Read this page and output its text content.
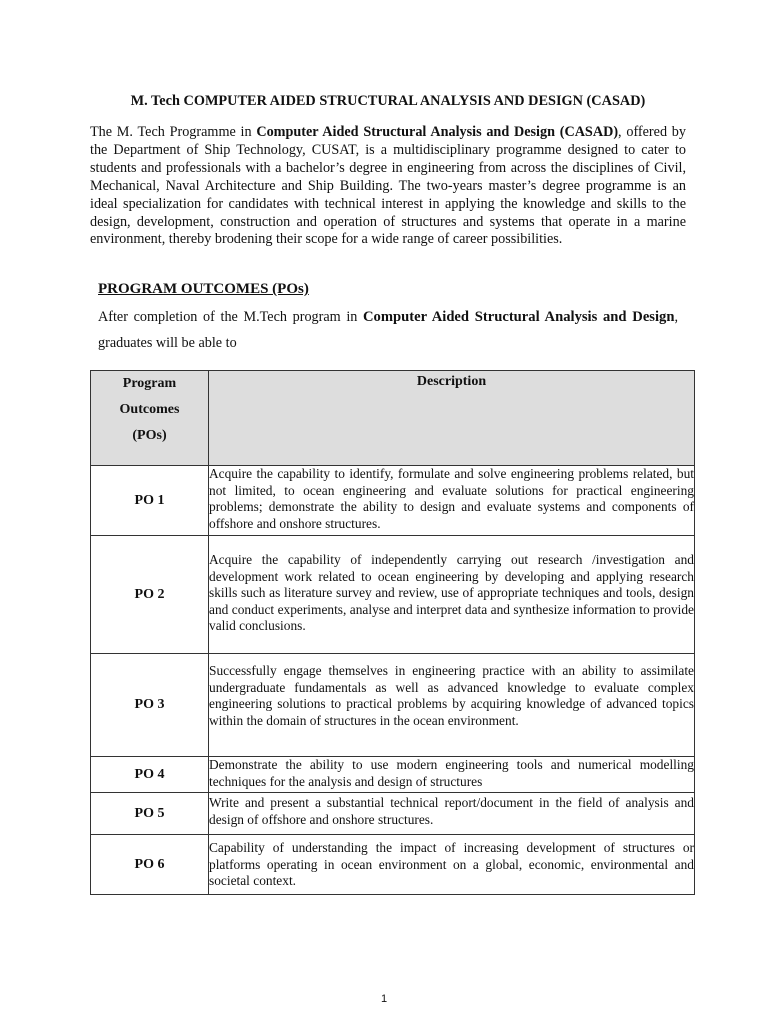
M. Tech COMPUTER AIDED STRUCTURAL ANALYSIS AND DESIGN (CASAD)

The M. Tech Programme in Computer Aided Structural Analysis and Design (CASAD), offered by the Department of Ship Technology, CUSAT, is a multidisciplinary programme designed to cater to students and professionals with a bachelor’s degree in engineering from across the disciplines of Civil, Mechanical, Naval Architecture and Ship Building. The two-years master’s degree programme is an ideal specialization for candidates with technical interest in applying the knowledge and skills to the design, development, construction and operation of structures and systems that operate in a marine environment, thereby brodening their scope for a wide range of career possibilities.

PROGRAM OUTCOMES (POs)

After completion of the M.Tech program in Computer Aided Structural Analysis and Design, graduates will be able to

Program
Outcomes
(POs)	Description
PO 1	Acquire the capability to identify, formulate and solve engineering problems related, but not limited, to ocean engineering and evaluate solutions for practical engineering problems; demonstrate the ability to design and evaluate systems and components of offshore and onshore structures.
PO 2	Acquire the capability of independently carrying out research /investigation and development work related to ocean engineering by developing and applying research skills such as literature survey and review, use of appropriate techniques and tools, design and conduct experiments, analyse and interpret data and synthesize information to provide valid conclusions.
PO 3	Successfully engage themselves in engineering practice with an ability to assimilate undergraduate fundamentals as well as advanced knowledge to evaluate complex engineering solutions to practical problems by acquiring knowledge of advanced topics within the domain of structures in the ocean environment.
PO 4	Demonstrate the ability to use modern engineering tools and numerical modelling techniques for the analysis and design of structures
PO 5	Write and present a substantial technical report/document in the field of analysis and design of offshore and onshore structures.
PO 6	Capability of understanding the impact of increasing development of structures or platforms operating in ocean environment on a global, economic, environmental and societal context.
1
